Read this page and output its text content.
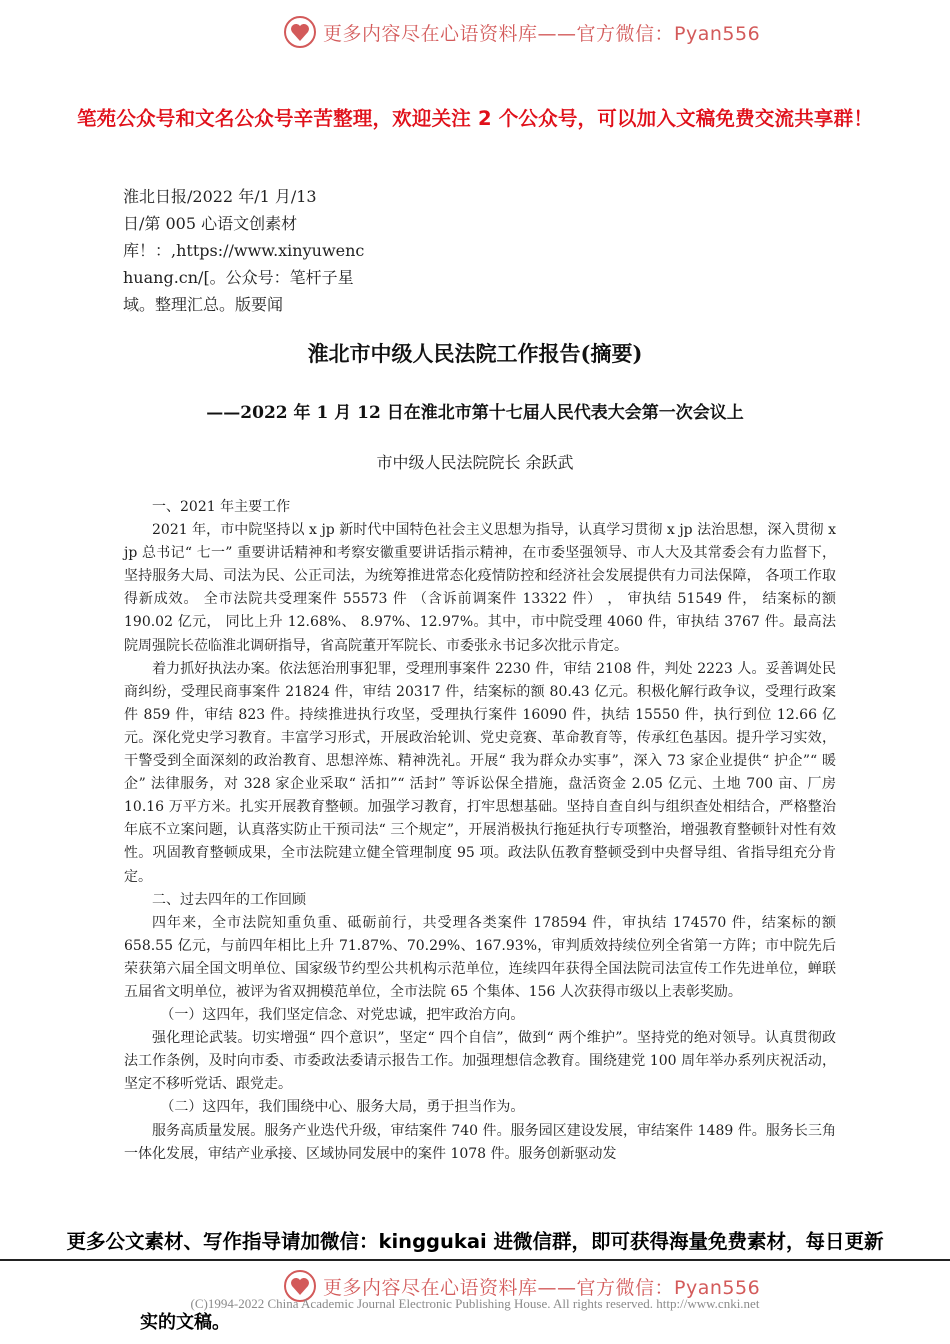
更多内容尽在心语资料库——官方微信：Pyan556
笔苑公众号和文名公众号辛苦整理，欢迎关注 2 个公众号，可以加入文稿免费交流共享群！
淮北日报/2022 年/1 月/13
日/第 005 心语文创素材
库！：,https://www.xinyuwenc
huang.cn/[。公众号：笔杆子星
域。整理汇总。版要闻
淮北市中级人民法院工作报告(摘要)
——2022 年 1 月 12 日在淮北市第十七届人民代表大会第一次会议上
市中级人民法院院长 余跃武

一、2021 年主要工作

2021 年，市中院坚持以 x jp 新时代中国特色社会主义思想为指导，认真学习贯彻 x jp 法治思想，深入贯彻 x jp 总书记“ 七一” 重要讲话精神和考察安徽重要讲话指示精神，在市委坚强领导、市人大及其常委会有力监督下，坚持服务大局、司法为民、公正司法，为统筹推进常态化疫情防控和经济社会发展提供有力司法保障， 各项工作取得新成效。 全市法院共受理案件 55573 件 （含诉前调案件 13322 件） ， 审执结 51549 件， 结案标的额 190.02 亿元， 同比上升 12.68%、 8.97%、12.97%。其中，市中院受理 4060 件，审执结 3767 件。最高法院周强院长莅临淮北调研指导，省高院董开军院长、市委张永书记多次批示肯定。

着力抓好执法办案。依法惩治刑事犯罪，受理刑事案件 2230 件，审结 2108 件，判处 2223 人。妥善调处民商纠纷，受理民商事案件 21824 件，审结 20317 件，结案标的额 80.43 亿元。积极化解行政争议，受理行政案件 859 件，审结 823 件。持续推进执行攻坚，受理执行案件 16090 件，执结 15550 件，执行到位 12.66 亿元。深化党史学习教育。丰富学习形式，开展政治轮训、党史竞赛、革命教育等，传承红色基因。提升学习实效，干警受到全面深刻的政治教育、思想淬炼、精神洗礼。开展“ 我为群众办实事”，深入 73 家企业提供“ 护企”“ 暖企” 法律服务，对 328 家企业采取“ 活扣”“ 活封” 等诉讼保全措施，盘活资金 2.05 亿元、土地 700 亩、厂房 10.16 万平方米。扎实开展教育整顿。加强学习教育，打牢思想基础。坚持自查自纠与组织查处相结合，严格整治年底不立案问题，认真落实防止干预司法“ 三个规定”，开展消极执行拖延执行专项整治，增强教育整顿针对性有效性。巩固教育整顿成果，全市法院建立健全管理制度 95 项。政法队伍教育整顿受到中央督导组、省指导组充分肯定。

二、过去四年的工作回顾

四年来，全市法院知重负重、砥砺前行，共受理各类案件 178594 件，审执结 174570 件，结案标的额 658.55 亿元，与前四年相比上升 71.87%、70.29%、167.93%，审判质效持续位列全省第一方阵；市中院先后荣获第六届全国文明单位、国家级节约型公共机构示范单位，连续四年获得全国法院司法宣传工作先进单位，蝉联五届省文明单位，被评为省双拥模范单位，全市法院 65 个集体、156 人次获得市级以上表彰奖励。

（一）这四年，我们坚定信念、对党忠诚，把牢政治方向。

强化理论武装。切实增强“ 四个意识”，坚定“ 四个自信”，做到“ 两个维护”。坚持党的绝对领导。认真贯彻政法工作条例，及时向市委、市委政法委请示报告工作。加强理想信念教育。围绕建党 100 周年举办系列庆祝活动，坚定不移听党话、跟党走。

（二）这四年，我们围绕中心、服务大局，勇于担当作为。

服务高质量发展。服务产业迭代升级，审结案件 740 件。服务园区建设发展，审结案件 1489 件。服务长三角一体化发展，审结产业承接、区域协同发展中的案件 1078 件。服务创新驱动发

更多公文素材、写作指导请加微信：kinggukai 进微信群，即可获得海量免费素材，每日更新
更多内容尽在心语资料库——官方微信：Pyan556
(C)1994-2022 China Academic Journal Electronic Publishing House. All rights reserved. http://www.cnki.net
实的文稿。
